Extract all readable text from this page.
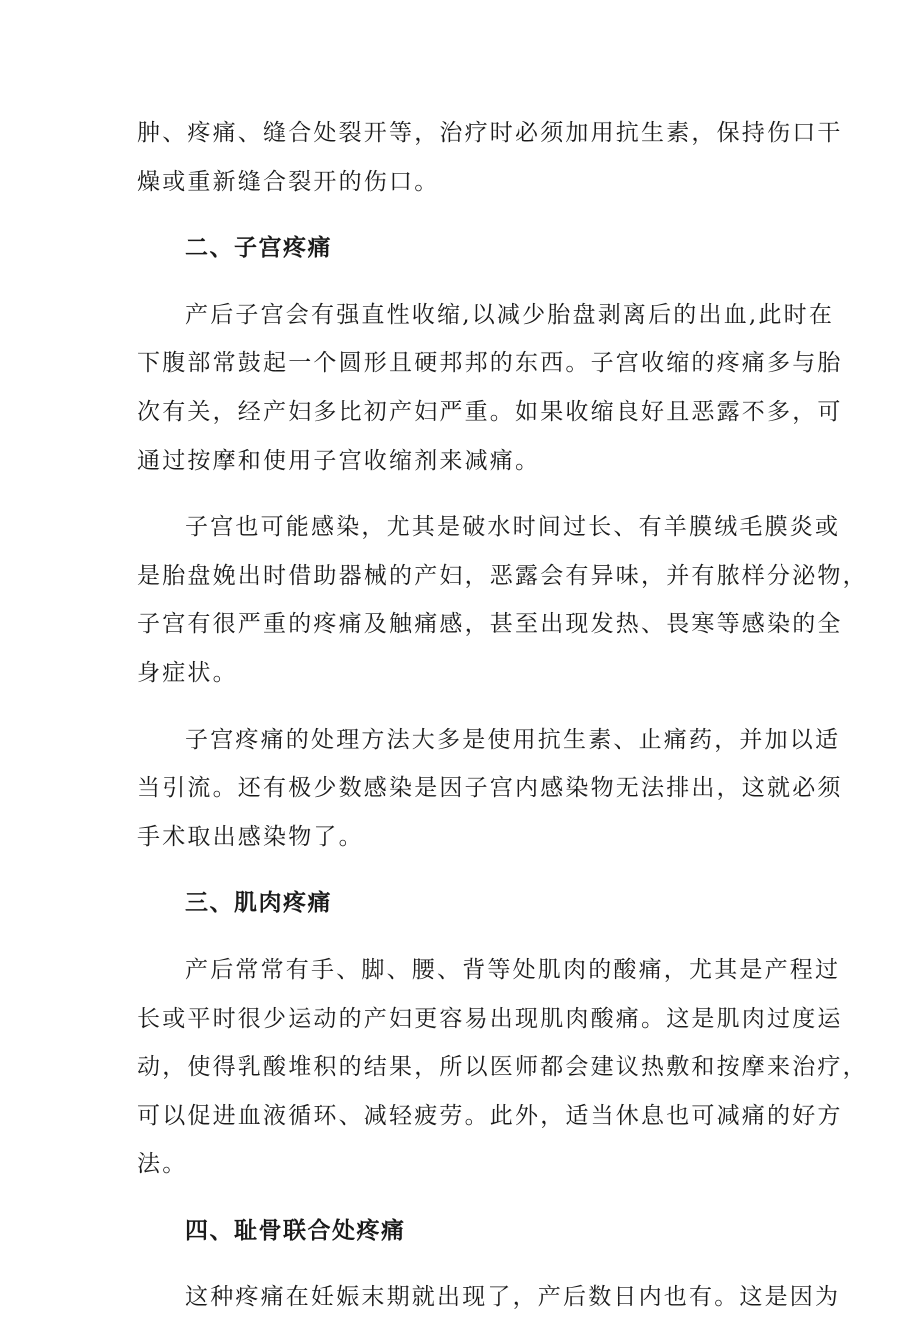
肿、疼痛、缝合处裂开等，治疗时必须加用抗生素，保持伤口干
燥或重新缝合裂开的伤口。
二、子宫疼痛
产后子宫会有强直性收缩,以减少胎盘剥离后的出血,此时在
下腹部常鼓起一个圆形且硬邦邦的东西。子宫收缩的疼痛多与胎
次有关，经产妇多比初产妇严重。如果收缩良好且恶露不多，可
通过按摩和使用子宫收缩剂来减痛。
子宫也可能感染，尤其是破水时间过长、有羊膜绒毛膜炎或
是胎盘娩出时借助器械的产妇，恶露会有异味，并有脓样分泌物，
子宫有很严重的疼痛及触痛感，甚至出现发热、畏寒等感染的全
身症状。
子宫疼痛的处理方法大多是使用抗生素、止痛药，并加以适
当引流。还有极少数感染是因子宫内感染物无法排出，这就必须
手术取出感染物了。
三、肌肉疼痛
产后常常有手、脚、腰、背等处肌肉的酸痛，尤其是产程过
长或平时很少运动的产妇更容易出现肌肉酸痛。这是肌肉过度运
动，使得乳酸堆积的结果，所以医师都会建议热敷和按摩来治疗，
可以促进血液循环、减轻疲劳。此外，适当休息也可减痛的好方
法。
四、耻骨联合处疼痛
这种疼痛在妊娠末期就出现了，产后数日内也有。这是因为
